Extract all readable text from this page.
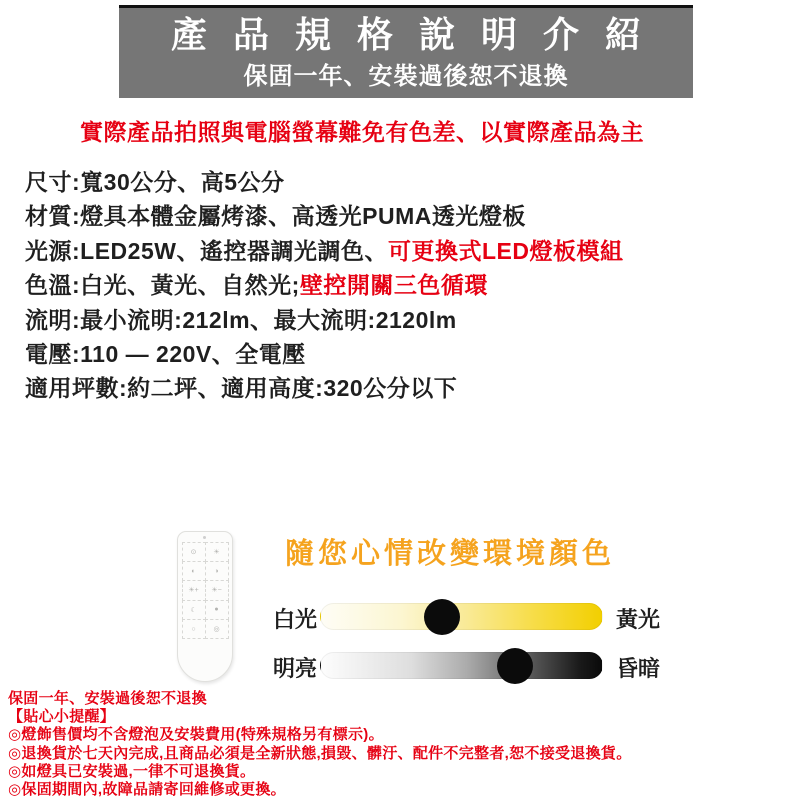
產品規格說明介紹
保固一年、安裝過後恕不退換
實際產品拍照與電腦螢幕難免有色差、以實際產品為主
尺寸:寬30公分、高5公分
材質:燈具本體金屬烤漆、高透光PUMA透光燈板
光源:LED25W、遙控器調光調色、可更換式LED燈板模組
色溫:白光、黃光、自然光;壁控開關三色循環
流明:最小流明:212lm、最大流明:2120lm
電壓:110 — 220V、全電壓
適用坪數:約二坪、適用高度:320公分以下
⊙	☀
◐	◑
☀+	☀−
☾	●
○	◎
隨您心情改變環境顏色
白光	黃光
明亮	昏暗

保固一年、安裝過後恕不退換

【貼心小提醒】

◎燈飾售價均不含燈泡及安裝費用(特殊規格另有標示)。

◎退換貨於七天內完成,且商品必須是全新狀態,損毀、髒汙、配件不完整者,恕不接受退換貨。

◎如燈具已安裝過,一律不可退換貨。

◎保固期間內,故障品請寄回維修或更換。
